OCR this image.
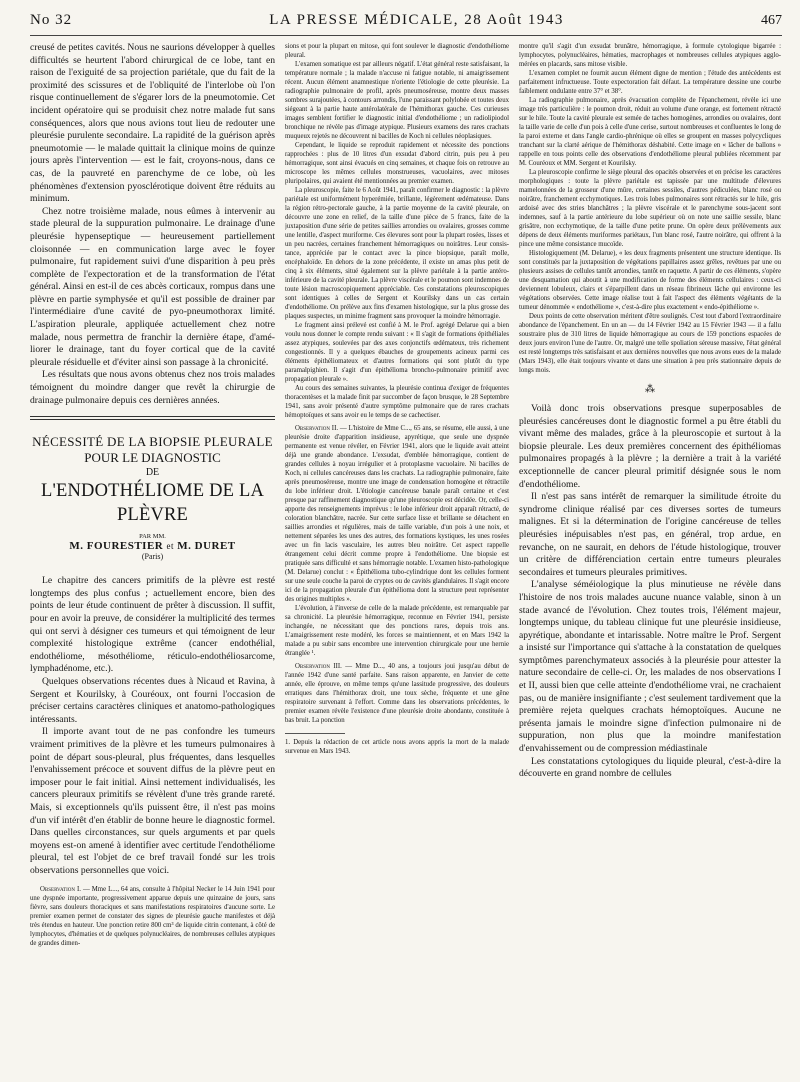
No 32	LA PRESSE MÉDICALE, 28 Août 1943	467

creusé de petites cavités. Nous ne saurions développer à quelles difficultés se heurtent l'abord chirurgical de ce lobe, tant en raison de l'exiguité de sa projection pariétale, que du fait de la proximité des scissures et de l'obliquité de l'interlobe où l'on risque continuellement de s'égarer lors de la pneumotomie. Cet incident opératoire qui se produisit chez notre malade fut sans conséquences, alors que nous avions tout lieu de redouter une pleurésie purulente secondaire. La rapidité de la guérison après pneumotomie — le malade quittait la clinique moins de quinze jours après l'intervention — est le fait, croyons-nous, dans ce cas, de la pauvreté en parenchyme de ce lobe, où les phénomènes d'extension pyosclérotique doivent être réduits au minimum.

Chez notre troisième malade, nous eûmes à intervenir au stade pleural de la suppuration pulmonaire. Le drainage d'une pleurésie hypenseptique — heureusement partiellement cloisonnée — en communication large avec le foyer pulmonaire, fut rapidement suivi d'une disparition à peu près complète de l'expectoration et de la transformation de l'état général. Ainsi en est-il de ces abcès corticaux, rompus dans une plèvre en partie symphysée et qu'il est possible de drainer par l'intermédiaire d'une cavité de pyo-pneumothorax limité. L'aspiration pleurale, appliquée actuellement chez notre malade, nous permettra de franchir la dernière étape, d'améliorer le drainage, tant du foyer cortical que de la cavité pleurale résiduelle et d'éviter ainsi son passage à la chronicité.

Les résultats que nous avons obtenus chez nos trois malades témoignent du moindre danger que revêt la chirurgie de drainage pulmonaire depuis ces dernières années.

NÉCESSITÉ DE LA BIOPSIE PLEURALE
POUR LE DIAGNOSTIC
DE
L'ENDOTHÉLIOME DE LA PLÈVRE
PAR MM.
M. FOURESTIER et M. DURET
(Paris)

Le chapitre des cancers primitifs de la plèvre est resté longtemps des plus confus ; actuellement encore, bien des points de leur étude continuent de prêter à discussion. Il suffit, pour en avoir la preuve, de considérer la multiplicité des termes qui ont servi à désigner ces tumeurs et qui témoignent de leur complexité histologique extrême (cancer endothélial, endothéliome, mésothéliome, réticulo-endothéliosarcome, lymphadénome, etc.).

Quelques observations récentes dues à Nicaud et Ravina, à Sergent et Kourilsky, à Couréoux, ont fourni l'occasion de préciser certains caractères cliniques et anatomo-pathologiques intéressants.

Il importe avant tout de ne pas confondre les tumeurs vraiment primitives de la plèvre et les tumeurs pulmonaires à point de départ sous-pleural, plus fréquentes, dans lesquelles l'envahissement précoce et souvent diffus de la plèvre peut en imposer pour le fait initial. Ainsi nettement individualisés, les cancers pleuraux primitifs se révèlent d'une très grande rareté. Mais, si exceptionnels qu'ils puissent être, il n'est pas moins d'un vif intérêt d'en établir de bonne heure le diagnostic formel. Dans quelles circonstances, sur quels arguments et par quels moyens est-on amené à identifier avec certitude l'endothéliome pleural, tel est l'objet de ce bref travail fondé sur les trois observations personnelles que voici.

Observation I. — Mme L..., 64 ans, consulte à l'hôpital Necker le 14 Juin 1941 pour une dyspnée importante, progressivement apparue depuis une quinzaine de jours, sans fièvre, sans douleurs thoraciques et sans manifestations respiratoires d'aucune sorte. Le premier examen permet de constater des signes de pleurésie gauche manifestes et déjà très étendus en hauteur. Une ponction retire 800 cm³ de liquide citrin contenant, à côté de lymphocytes, d'hématies et de quelques polynucléaires, de nombreuses cellules atypiques de grandes dimen-

sions et pour la plupart en mitose, qui font soulever le diagnostic d'endothéliome pleural.

L'examen somatique est par ailleurs négatif. L'état général reste satisfaisant, la température normale ; la malade n'accuse ni fatigue notable, ni amaigrissement récent. Aucun élément anamnestique n'oriente l'étiologie de cette pleurésie. La radiographie pulmonaire de profil, après pneumoséreuse, montre deux masses sombres surajoutées, à contours arrondis, l'une paraissant polylobée et toutes deux siégeant à la partie haute antérolatérale de l'hémithorax gauche. Ces curieuses images semblent fortifier le diagnostic initial d'endothéliome ; un radiolipiodol bronchique ne révèle pas d'image atypique. Plusieurs examens des rares crachats muqueux rejetés ne découvrent ni bacilles de Koch ni cellules néoplasiques.

Cependant, le liquide se reproduit rapidement et nécessite des ponctions rapprochées : plus de 10 litres d'un exsudat d'abord citrin, puis peu à peu hémorragique, sont ainsi évacués en cinq semaines, et chaque fois on retrouve au microscope les mêmes cellules monstrueuses, vacuolaires, avec mitoses pluripolaires, qui avaient été mentionnées au premier examen.

La pleuroscopie, faite le 6 Août 1941, paraît confirmer le diagnostic : la plèvre pariétale est uniformément hyperémiée, brillante, légèrement œdémateuse. Dans la région rétro-pectorale gauche, à la partie moyenne de la cavité pleurale, on découvre une zone en relief, de la taille d'une pièce de 5 francs, faite de la juxtaposition d'une série de petites saillies arrondies ou ovalaires, grosses comme une lentille, d'aspect muriforme. Ces élevures sont pour la plupart rosées, lisses et un peu nacrées, certaines franchement hémorragiques ou noirâtres. Leur consistance, appréciée par le contact avec la pince biopsique, paraît molle, encéphaloïde. En dehors de la zone précédente, il existe un amas plus petit de cinq à six éléments, situé également sur la plèvre pariétale à la partie antéro-inférieure de la cavité pleurale. La plèvre viscérale et le poumon sont indemnes de toute lésion macroscopiquement appréciable. Ces constatations pleuroscopiques sont identiques à celles de Sergent et Kourilsky dans un cas certain d'endothéliome. On prélève aux fins d'examen histologique, sur la plus grosse des plaques suspectes, un minime fragment sans provoquer la moindre hémorragie.

Le fragment ainsi prélevé est confié à M. le Prof. agrégé Delarue qui a bien voulu nous donner le compte rendu suivant : « Il s'agit de formations épithéliales assez atypiques, soulevées par des axes conjonctifs œdémateux, très richement congestionnés. Il y a quelques ébauches de groupements acineux parmi ces éléments épithéliomateux et d'autres formations qui sont plutôt du type paramalpighien. Il s'agit d'un épithélioma broncho-pulmonaire primitif avec propagation pleurale ».

Au cours des semaines suivantes, la pleurésie continua d'exiger de fréquentes thoracentèses et la malade finit par succomber de façon brusque, le 28 Septembre 1941, sans avoir présenté d'autre symptôme pulmonaire que de rares crachats hémoptoïques et sans avoir eu le temps de se cachectiser.

Observation II. — L'histoire de Mme C..., 65 ans, se résume, elle aussi, à une pleurésie droite d'apparition insidieuse, apyrétique, que seule une dyspnée permanente est venue révéler, en Février 1941, alors que le liquide avait atteint déjà une grande abondance. L'exsudat, d'emblée hémorragique, contient de grandes cellules à noyau irrégulier et à protoplasme vacuolaire. Ni bacilles de Koch, ni cellules cancéreuses dans les crachats. La radiographie pulmonaire, faite après pneumoséreuse, montre une image de condensation homogène et rétractile du lobe inférieur droit. L'étiologie cancéreuse banale paraît certaine et c'est presque par raffinement diagnostique qu'une pleuroscopie est décidée. Or, celle-ci apporte des renseignements imprévus : le lobe inférieur droit apparaît rétracté, de coloration blanchâtre, nacrée. Sur cette surface lisse et brillante se détachent en saillies arrondies et régulières, mais de taille variable, d'un pois à une noix, et nettement séparées les unes des autres, des formations kystiques, les unes rosées avec un fin lacis vasculaire, les autres bleu noirâtre. Cet aspect rappelle étrangement celui décrit comme propre à l'endothéliome. Une biopsie est pratiquée sans difficulté et sans hémorragie notable. L'examen histo-pathologique (M. Delarue) conclut : « Épithélioma tubo-cylindrique dont les cellules forment sur une seule couche la paroi de cryptes ou de cavités glandulaires. Il s'agit encore ici de la propagation pleurale d'un épithélioma dont la structure peut représenter des origines multiples ».

L'évolution, à l'inverse de celle de la malade précédente, est remarquable par sa chronicité. La pleurésie hémorragique, reconnue en Février 1941, persiste inchangée, ne nécessitant que des ponctions rares, depuis trois ans. L'amaigrissement reste modéré, les forces se maintiennent, et en Mars 1942 la malade a pu subir sans encombre une intervention chirurgicale pour une hernie étranglée ¹.

Observation III. — Mme D..., 40 ans, a toujours joui jusqu'au début de l'année 1942 d'une santé parfaite. Sans raison apparente, en Janvier de cette année, elle éprouve, en même temps qu'une lassitude progressive, des douleurs erratiques dans l'hémithorax droit, une toux sèche, fréquente et une gêne respiratoire survenant à l'effort. Comme dans les observations précédentes, le premier examen révèle l'existence d'une pleurésie droite abondante, constituée à bas bruit. La ponction

1. Depuis la rédaction de cet article nous avons appris la mort de la malade survenue en Mars 1943.

montre qu'il s'agit d'un exsudat brunâtre, hémorragique, à formule cytologique bigarrée : lymphocytes, polynucléaires, hématies, macrophages et nombreuses cellules atypiques agglomérées en placards, sans mitose visible.

L'examen complet ne fournit aucun élément digne de mention ; l'étude des antécédents est parfaitement infructueuse. Toute expectoration fait défaut. La température dessine une courbe faiblement ondulante entre 37° et 38°.

La radiographie pulmonaire, après évacuation complète de l'épanchement, révèle ici une image très particulière : le poumon droit, réduit au volume d'une orange, est fortement rétracté sur le hile. Toute la cavité pleurale est semée de taches homogènes, arrondies ou ovalaires, dont la taille varie de celle d'un pois à celle d'une cerise, surtout nombreuses et confluentes le long de la paroi externe et dans l'angle cardio-phrénique où elles se groupent en masses polycycliques tranchant sur la clarté aérique de l'hémithorax déshabité. Cette image en « lâcher de ballons » rappelle en tous points celle des observations d'endothéliome pleural publiées récemment par M. Couréoux et MM. Sergent et Kourilsky.

La pleuroscopie confirme le siège pleural des opacités observées et en précise les caractères morphologiques : toute la plèvre pariétale est tapissée par une multitude d'élevures mamelonnées de la grosseur d'une mûre, certaines sessiles, d'autres pédiculées, blanc rosé ou noirâtre, franchement ecchymotiques. Les trois lobes pulmonaires sont rétractés sur le hile, gris ardoisé avec des stries blanchâtres ; la plèvre viscérale et le parenchyme sous-jacent sont indemnes, sauf à la partie antérieure du lobe supérieur où on note une saillie sessile, blanc grisâtre, non ecchymotique, de la taille d'une petite prune. On opère deux prélèvements aux dépens de deux éléments muriformes pariétaux, l'un blanc rosé, l'autre noirâtre, qui offrent à la pince une même consistance mucoïde.

Histologiquement (M. Delarue), « les deux fragments présentent une structure identique. Ils sont constitués par la juxtaposition de végétations papillaires assez grêles, revêtues par une ou plusieurs assises de cellules tantôt arrondies, tantôt en raquette. A partir de ces éléments, s'opère une desquamation qui aboutit à une modification de forme des éléments cellulaires : ceux-ci deviennent lobuleux, clairs et s'éparpillent dans un réseau fibrineux lâche qui environne les végétations observées. Cette image réalise tout à fait l'aspect des éléments végétants de la tumeur dénommée « endothéliome », c'est-à-dire plus exactement « endo-épithéliome ».

Deux points de cette observation méritent d'être soulignés. C'est tout d'abord l'extraordinaire abondance de l'épanchement. En un an — du 14 Février 1942 au 15 Février 1943 — il a fallu soustraire plus de 310 litres de liquide hémorragique au cours de 159 ponctions espacées de deux jours environ l'une de l'autre. Or, malgré une telle spoliation séreuse massive, l'état général est resté longtemps très satisfaisant et aux dernières nouvelles que nous avons eues de la malade (Mars 1943), elle était toujours vivante et dans une situation à peu près stationnaire depuis de longs mois.

⁂

Voilà donc trois observations presque superposables de pleurésies cancéreuses dont le diagnostic formel a pu être établi du vivant même des malades, grâce à la pleuroscopie et surtout à la biopsie pleurale. Les deux premières concernent des épithéliomas pulmonaires propagés à la plèvre ; la dernière a trait à la variété exceptionnelle de cancer pleural primitif désignée sous le nom d'endothéliome.

Il n'est pas sans intérêt de remarquer la similitude étroite du syndrome clinique réalisé par ces diverses sortes de tumeurs malignes. Et si la détermination de l'origine cancéreuse de telles pleurésies inépuisables n'est pas, en général, trop ardue, en revanche, on ne saurait, en dehors de l'étude histologique, trouver un critère de différenciation certain entre tumeurs pleurales secondaires et tumeurs pleurales primitives.

L'analyse séméiologique la plus minutieuse ne révèle dans l'histoire de nos trois malades aucune nuance valable, sinon à un stade avancé de l'évolution. Chez toutes trois, l'élément majeur, longtemps unique, du tableau clinique fut une pleurésie insidieuse, apyrétique, abondante et intarissable. Notre maître le Prof. Sergent a insisté sur l'importance qui s'attache à la constatation de quelques symptômes parenchymateux associés à la pleurésie pour attester la nature secondaire de celle-ci. Or, les malades de nos observations I et II, aussi bien que celle atteinte d'endothéliome vrai, ne crachaient pas, ou de manière insignifiante ; c'est seulement tardivement que la première rejeta quelques crachats hémoptoïques. Aucune ne présenta jamais le moindre signe d'infection pulmonaire ni de suppuration, non plus que la moindre manifestation d'envahissement ou de compression médiastinale

Les constatations cytologiques du liquide pleural, c'est-à-dire la découverte en grand nombre de cellules
